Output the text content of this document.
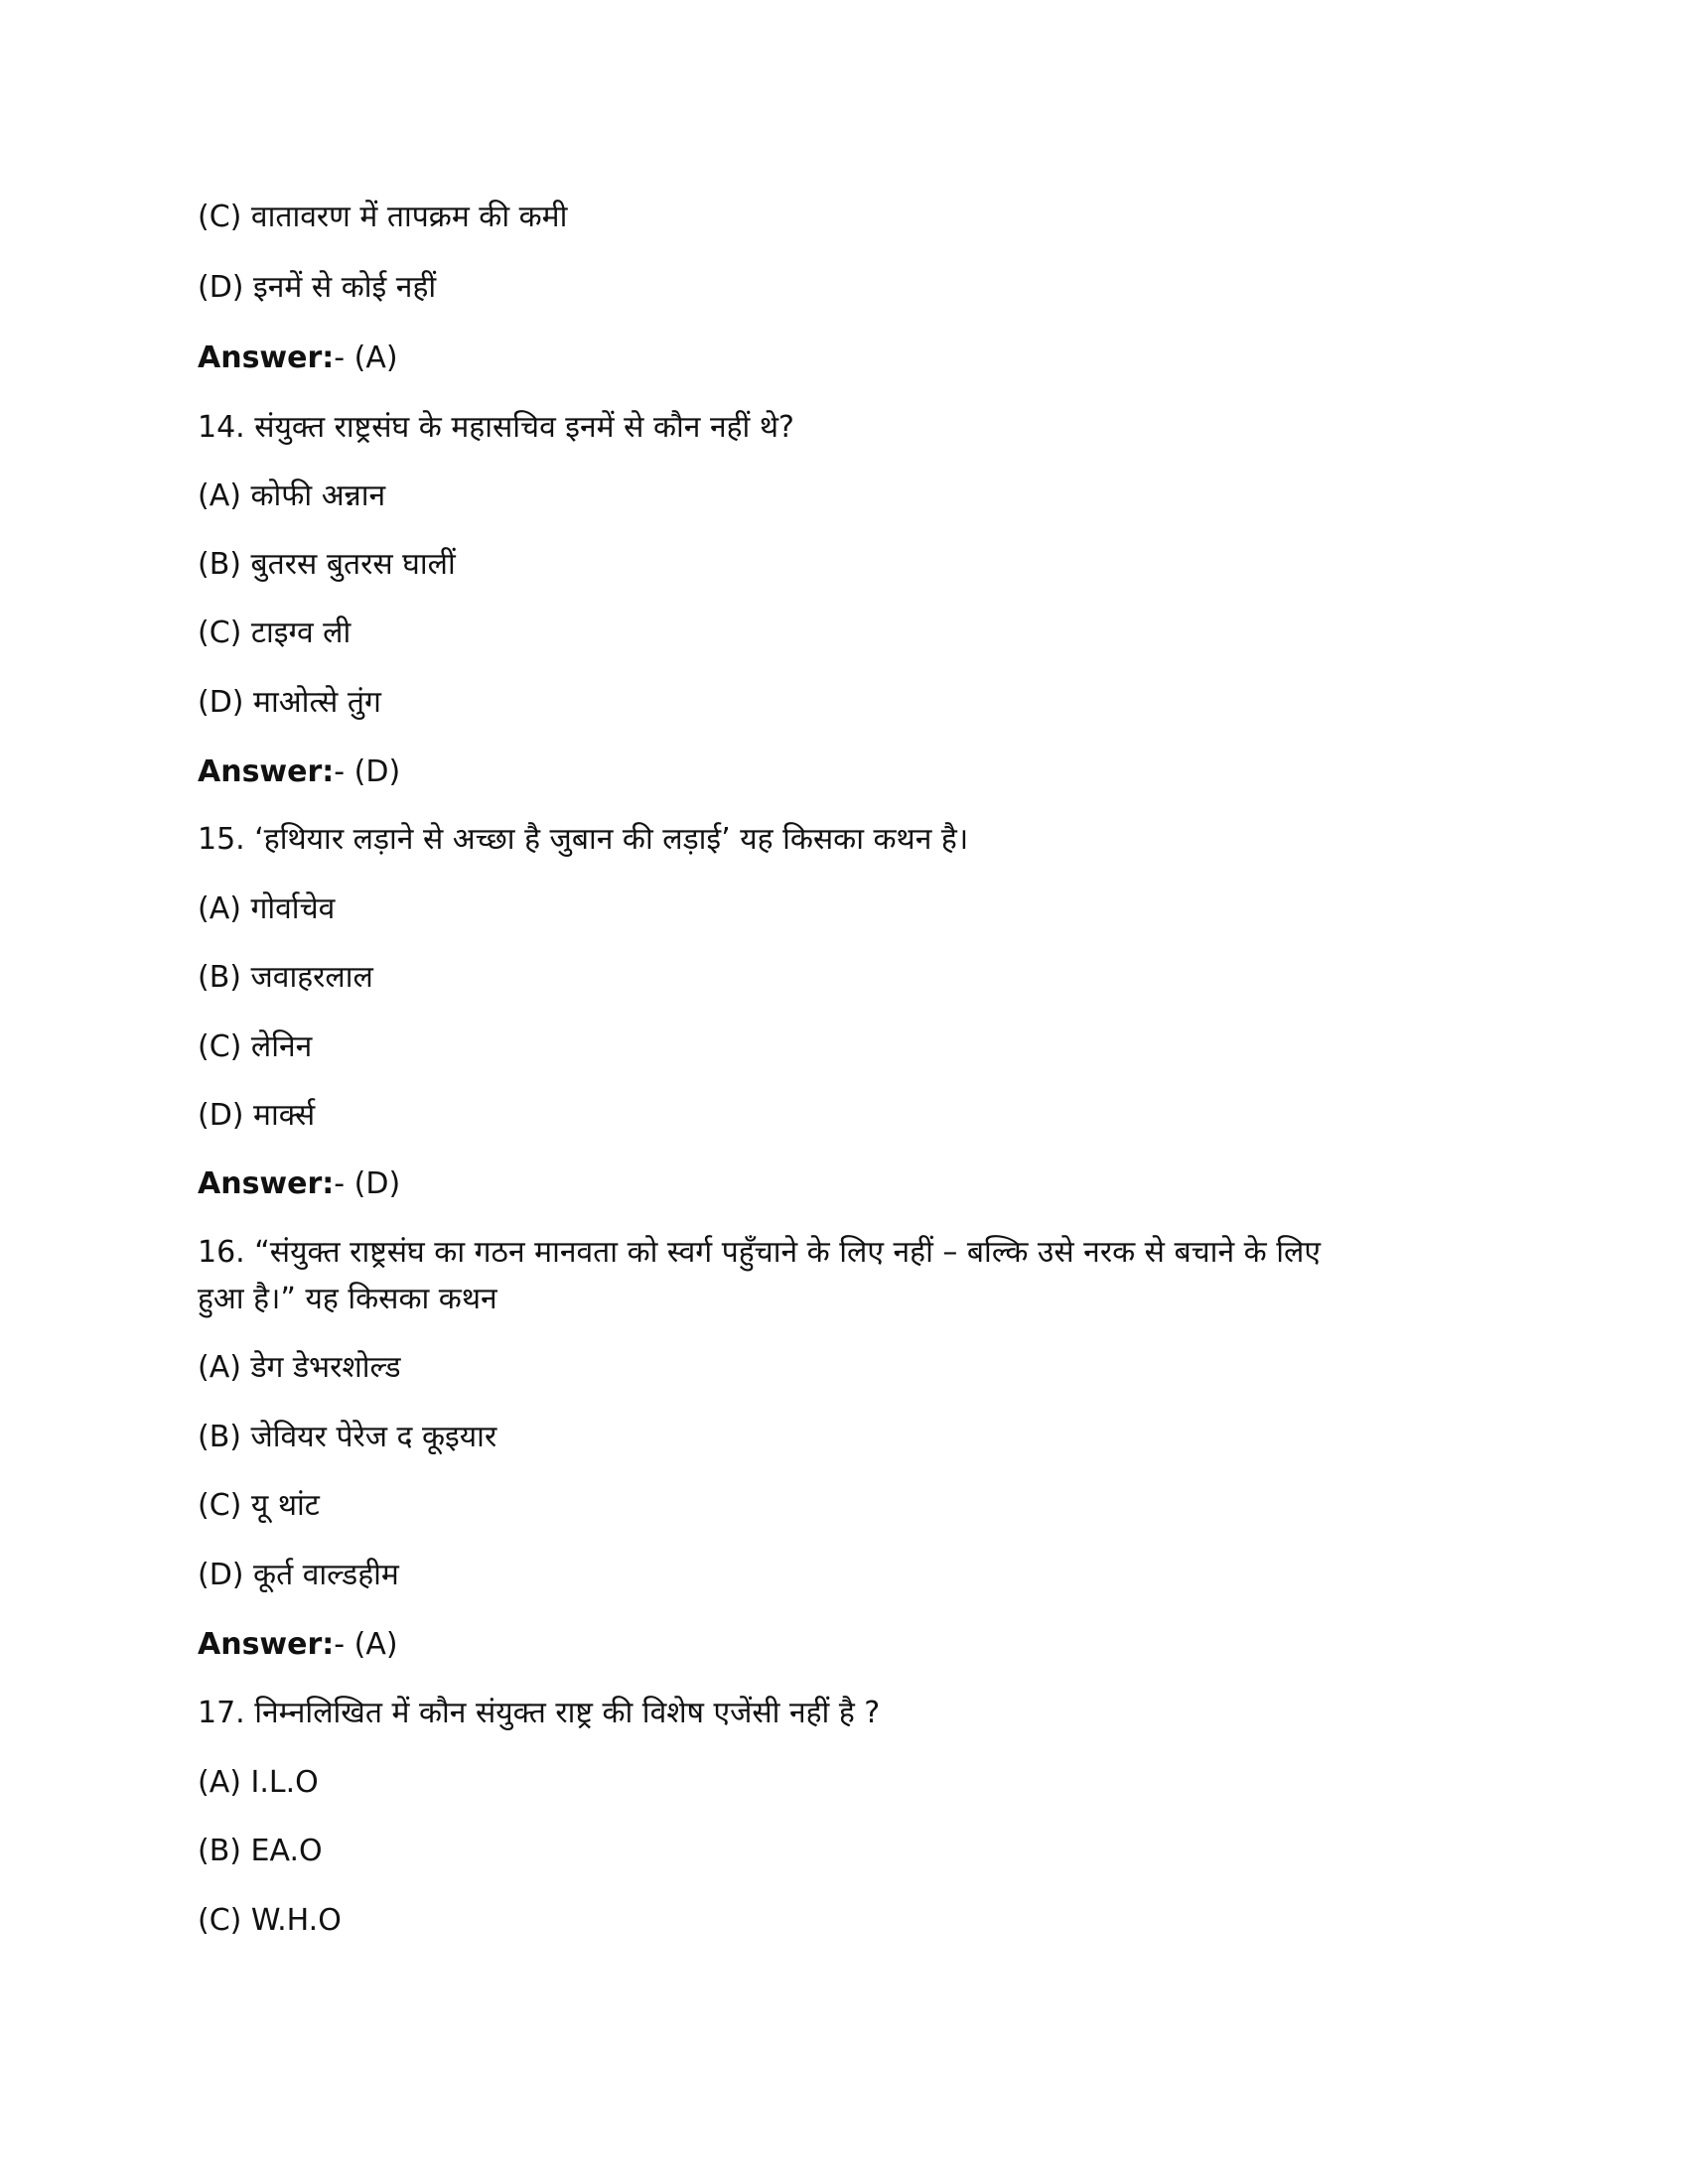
(C) वातावरण में तापक्रम की कमी
(D) इनमें से कोई नहीं
Answer:- (A)
14. संयुक्त राष्ट्रसंघ के महासचिव इनमें से कौन नहीं थे?
(A) कोफी अन्नान
(B) बुतरस बुतरस घालीं
(C) टाइग्व ली
(D) माओत्से तुंग
Answer:- (D)
15. ‘हथियार लड़ाने से अच्छा है जुबान की लड़ाई’ यह किसका कथन है।
(A) गोर्वाचेव
(B) जवाहरलाल
(C) लेनिन
(D) मार्क्स
Answer:- (D)
16. “संयुक्त राष्ट्रसंघ का गठन मानवता को स्वर्ग पहुँचाने के लिए नहीं – बल्कि उसे नरक से बचाने के लिए
हुआ है।” यह किसका कथन
(A) डेग डेभरशोल्ड
(B) जेवियर पेरेज द कूइयार
(C) यू थांट
(D) कूर्त वाल्डहीम
Answer:- (A)
17. निम्नलिखित में कौन संयुक्त राष्ट्र की विशेष एजेंसी नहीं है ?
(A) I.L.O
(B) EA.O
(C) W.H.O
